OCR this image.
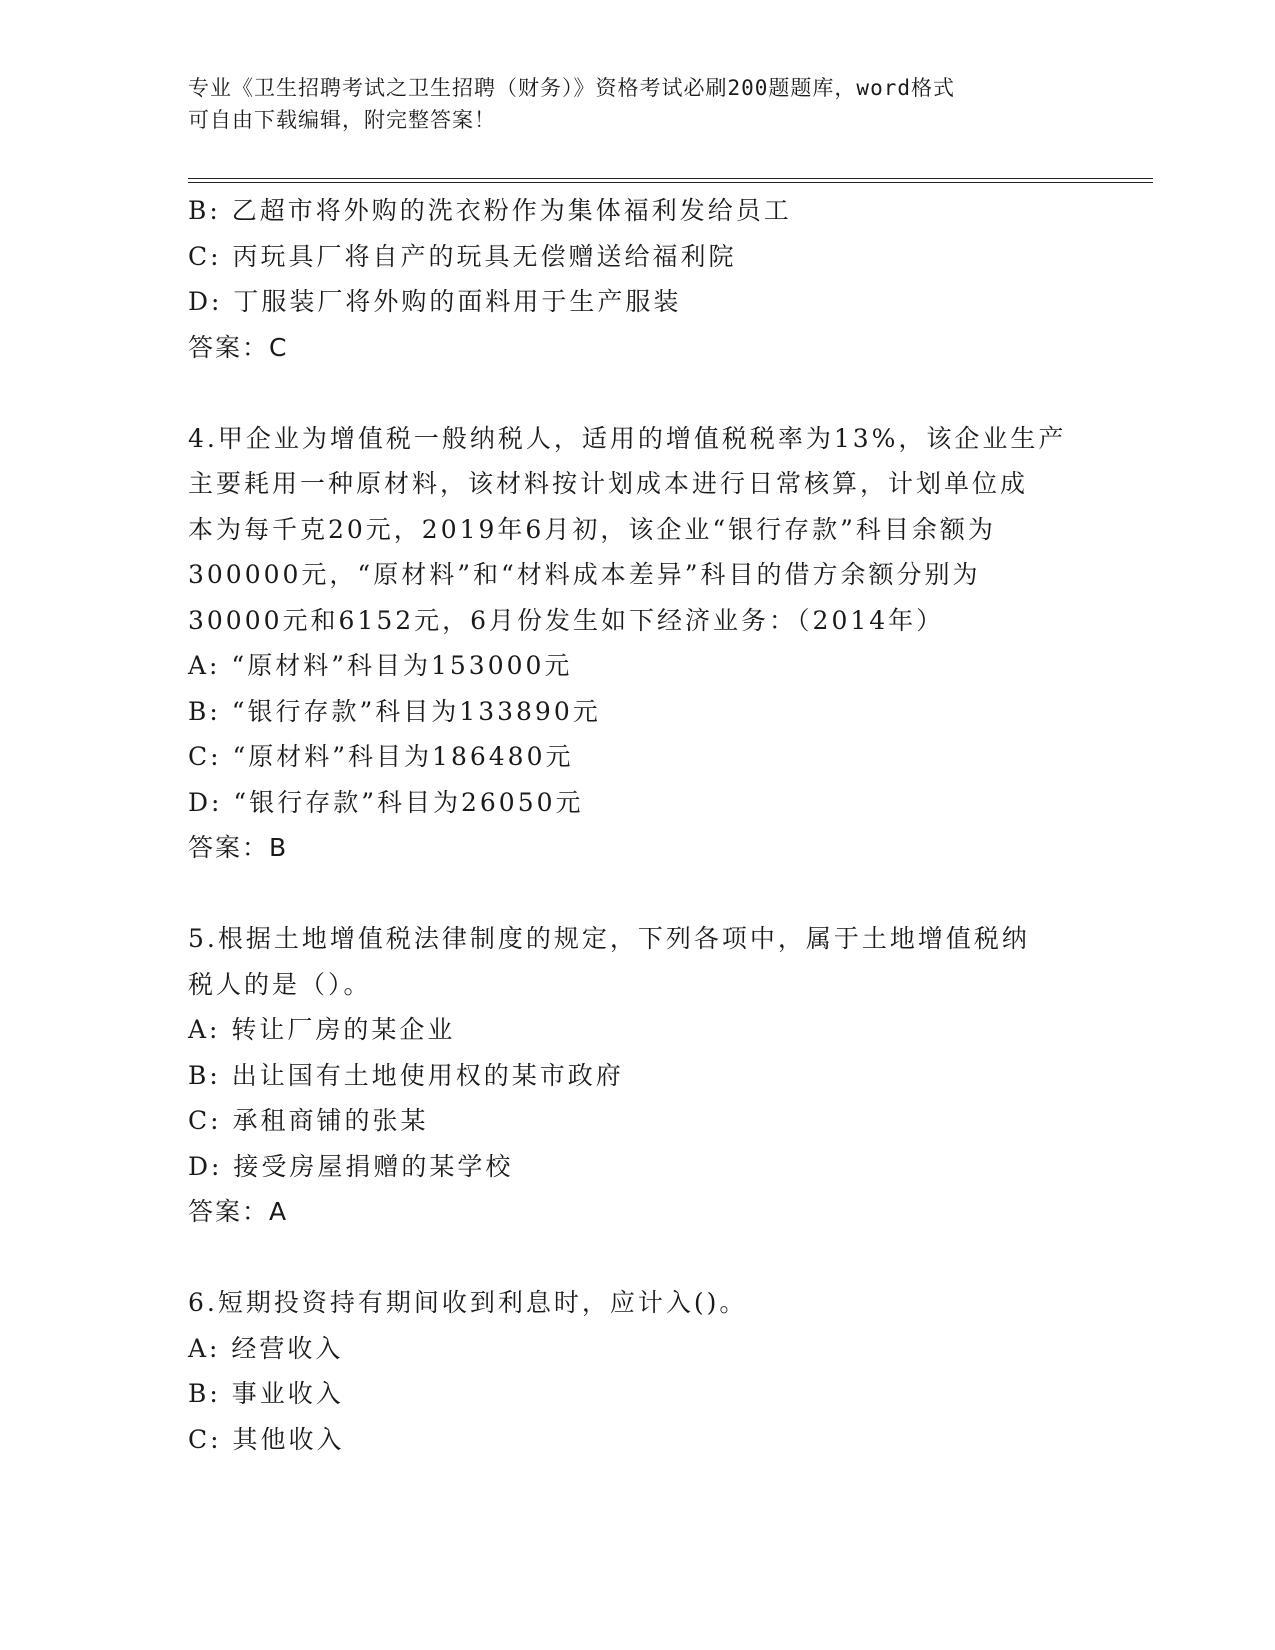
专业《卫生招聘考试之卫生招聘（财务）》资格考试必刷200题题库，word格式
可自由下载编辑，附完整答案！
B: 乙超市将外购的洗衣粉作为集体福利发给员工
C: 丙玩具厂将自产的玩具无偿赠送给福利院
D: 丁服装厂将外购的面料用于生产服装
答案：C
4.甲企业为增值税一般纳税人，适用的增值税税率为13%，该企业生产
主要耗用一种原材料，该材料按计划成本进行日常核算，计划单位成
本为每千克20元，2019年6月初，该企业“银行存款”科目余额为
300000元，“原材料”和“材料成本差异”科目的借方余额分别为
30000元和6152元，6月份发生如下经济业务：（2014年）
A: “原材料”科目为153000元
B: “银行存款”科目为133890元
C: “原材料”科目为186480元
D: “银行存款”科目为26050元
答案：B
5.根据土地增值税法律制度的规定，下列各项中，属于土地增值税纳
税人的是（）。
A: 转让厂房的某企业
B: 出让国有土地使用权的某市政府
C: 承租商铺的张某
D: 接受房屋捐赠的某学校
答案：A
6.短期投资持有期间收到利息时，应计入()。
A: 经营收入
B: 事业收入
C: 其他收入
